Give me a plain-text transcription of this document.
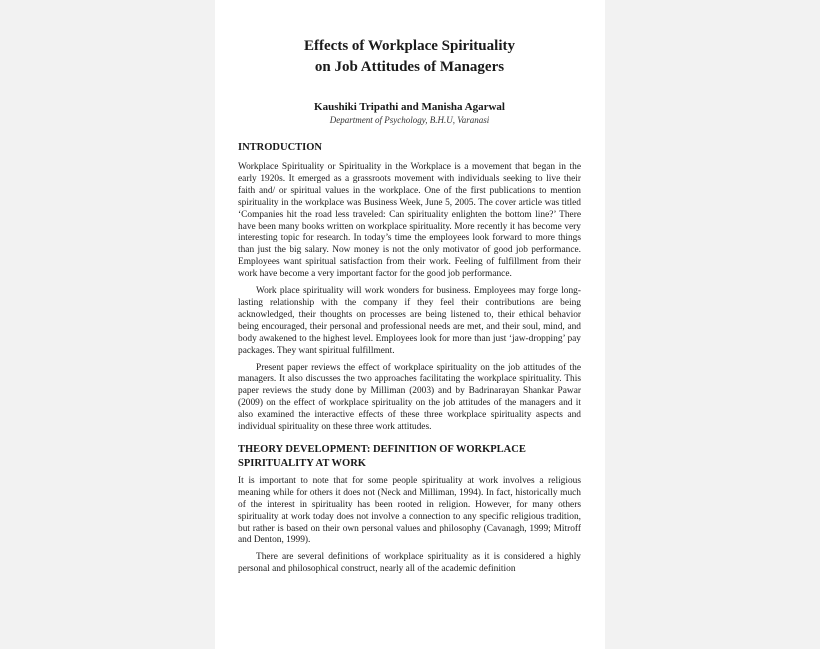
Effects of Workplace Spirituality
on Job Attitudes of Managers
Kaushiki Tripathi and Manisha Agarwal
Department of Psychology, B.H.U, Varanasi
INTRODUCTION

Workplace Spirituality or Spirituality in the Workplace is a movement that began in the early 1920s. It emerged as a grassroots movement with individuals seeking to live their faith and/ or spiritual values in the workplace. One of the first publications to mention spirituality in the workplace was Business Week, June 5, 2005. The cover article was titled ‘Companies hit the road less traveled: Can spirituality enlighten the bottom line?’ There have been many books written on workplace spirituality. More recently it has become very interesting topic for research. In today’s time the employees look forward to more things than just the big salary. Now money is not the only motivator of good job performance. Employees want spiritual satisfaction from their work. Feeling of fulfillment from their work have become a very important factor for the good job performance.

Work place spirituality will work wonders for business. Employees may forge long-lasting relationship with the company if they feel their contributions are being acknowledged, their thoughts on processes are being listened to, their ethical behavior being encouraged, their personal and professional needs are met, and their soul, mind, and body awakened to the highest level. Employees look for more than just ‘jaw-dropping’ pay packages. They want spiritual fulfillment.

Present paper reviews the effect of workplace spirituality on the job attitudes of the managers. It also discusses the two approaches facilitating the workplace spirituality. This paper reviews the study done by Milliman (2003) and by Badrinarayan Shankar Pawar (2009) on the effect of workplace spirituality on the job attitudes of the managers and it also examined the interactive effects of these three workplace spirituality aspects and individual spirituality on these three work attitudes.

THEORY DEVELOPMENT: DEFINITION OF WORKPLACE
SPIRITUALITY AT WORK

It is important to note that for some people spirituality at work involves a religious meaning while for others it does not (Neck and Milliman, 1994). In fact, historically much of the interest in spirituality has been rooted in religion. However, for many others spirituality at work today does not involve a connection to any specific religious tradition, but rather is based on their own personal values and philosophy (Cavanagh, 1999; Mitroff and Denton, 1999).

There are several definitions of workplace spirituality as it is considered a highly personal and philosophical construct, nearly all of the academic definition
